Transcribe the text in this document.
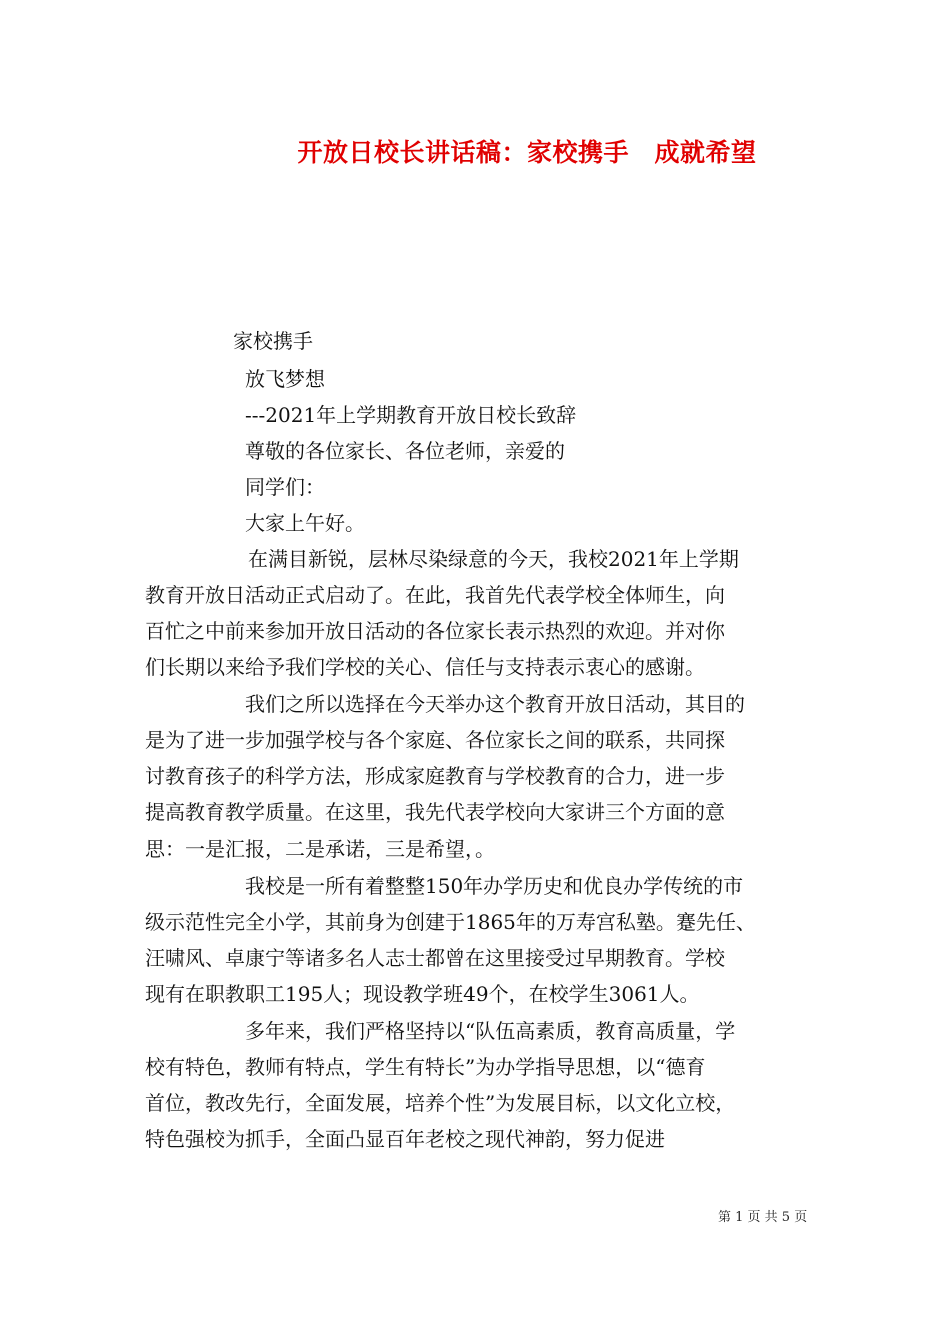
开放日校长讲话稿：家校携手　成就希望
家校携手
放飞梦想
---2021年上学期教育开放日校长致辞
尊敬的各位家长、各位老师，亲爱的
同学们：
大家上午好。
在满目新锐，层林尽染绿意的今天，我校2021年上学期
教育开放日活动正式启动了。在此，我首先代表学校全体师生，向
百忙之中前来参加开放日活动的各位家长表示热烈的欢迎。并对你
们长期以来给予我们学校的关心、信任与支持表示衷心的感谢。
我们之所以选择在今天举办这个教育开放日活动，其目的
是为了进一步加强学校与各个家庭、各位家长之间的联系，共同探
讨教育孩子的科学方法，形成家庭教育与学校教育的合力，进一步
提高教育教学质量。在这里，我先代表学校向大家讲三个方面的意
思：一是汇报，二是承诺，三是希望，。
我校是一所有着整整150年办学历史和优良办学传统的市
级示范性完全小学，其前身为创建于1865年的万寿宫私塾。蹇先任、
汪啸风、卓康宁等诸多名人志士都曾在这里接受过早期教育。学校
现有在职教职工195人；现设教学班49个，在校学生3061人。
多年来，我们严格坚持以“队伍高素质，教育高质量，学
校有特色，教师有特点，学生有特长”为办学指导思想，以“德育
首位，教改先行，全面发展，培养个性”为发展目标，以文化立校，
特色强校为抓手，全面凸显百年老校之现代神韵，努力促进
第 1 页 共 5 页
